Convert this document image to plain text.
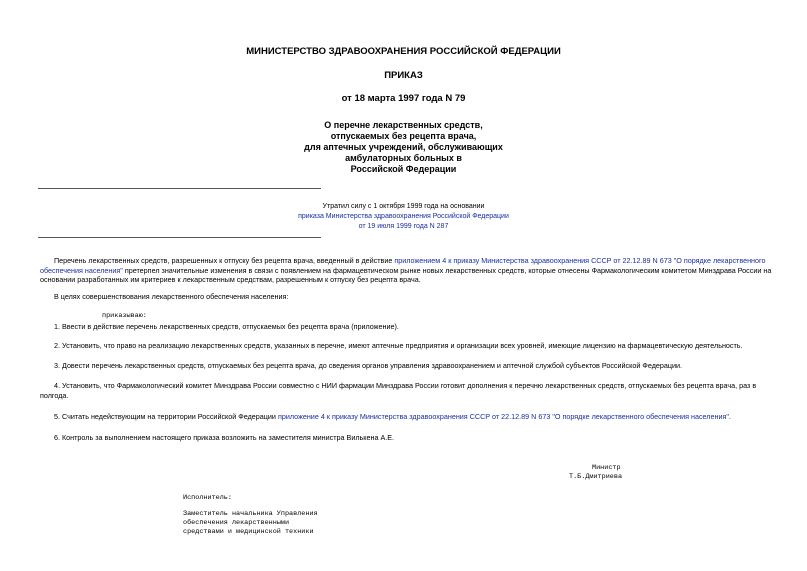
МИНИСТЕРСТВО ЗДРАВООХРАНЕНИЯ РОССИЙСКОЙ ФЕДЕРАЦИИ
ПРИКАЗ
от 18 марта 1997 года N 79
О перечне лекарственных средств,
отпускаемых без рецепта врача,
для аптечных учреждений, обслуживающих
амбулаторных больных в
Российской Федерации
Утратил силу с 1 октября 1999 года на основании
приказа Министерства здравоохранения Российской Федерации
от 19 июля 1999 года N 287
Перечень лекарственных средств, разрешенных к отпуску без рецепта врача, введенный в действие приложением 4 к приказу Министерства здравоохранения СССР от 22.12.89 N 673 "О порядке лекарственного обеспечения населения" претерпел значительные изменения в связи с появлением на фармацевтическом рынке новых лекарственных средств, которые отнесены Фармакологическим комитетом Минздрава России на основании разработанных им критериев к лекарственным средствам, разрешенным к отпуску без рецепта врача.
В целях совершенствования лекарственного обеспечения населения:
приказываю:
1. Ввести в действие перечень лекарственных средств, отпускаемых без рецепта врача (приложение).
2. Установить, что право на реализацию лекарственных средств, указанных в перечне, имеют аптечные предприятия и организации всех уровней, имеющие лицензию на фармацевтическую деятельность.
3. Довести перечень лекарственных средств, отпускаемых без рецепта врача, до сведения органов управления здравоохранением и аптечной службой субъектов Российской Федерации.
4. Установить, что Фармакологический комитет Минздрава России совместно с НИИ фармации Минздрава России готовит дополнения к перечню лекарственных средств, отпускаемых без рецепта врача, раз в полгода.
5. Считать недействующим на территории Российской Федерации приложение 4 к приказу Министерства здравоохранения СССР от 22.12.89 N 673 "О порядке лекарственного обеспечения населения".
6. Контроль за выполнением настоящего приказа возложить на заместителя министра Вилькена А.Е.
Министр
Т.Б.Дмитриева
Исполнитель:
Заместитель начальника Управления
обеспечения лекарственными
средствами и медицинской техники
